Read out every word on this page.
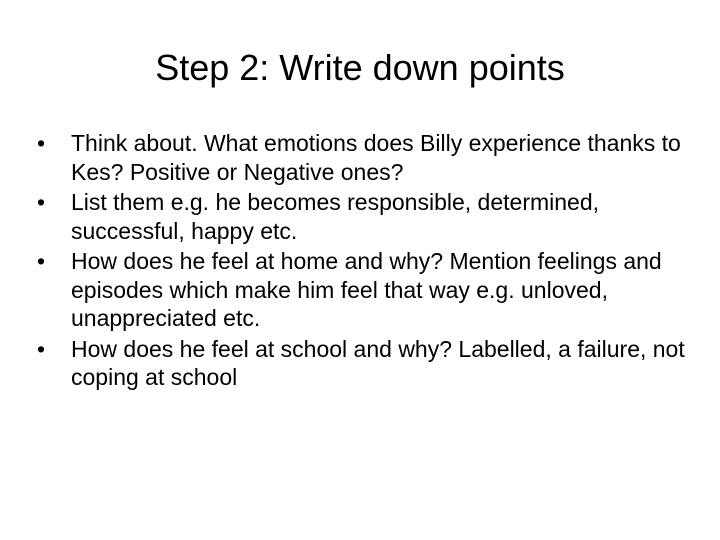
Step 2: Write down points
• Think about. What emotions does Billy experience thanks to Kes? Positive or Negative ones?
• List them e.g. he becomes responsible, determined, successful, happy etc.
• How does he feel at home and why? Mention feelings and episodes which make him feel that way e.g. unloved, unappreciated etc.
• How does he feel at school and why? Labelled, a failure, not coping at school
